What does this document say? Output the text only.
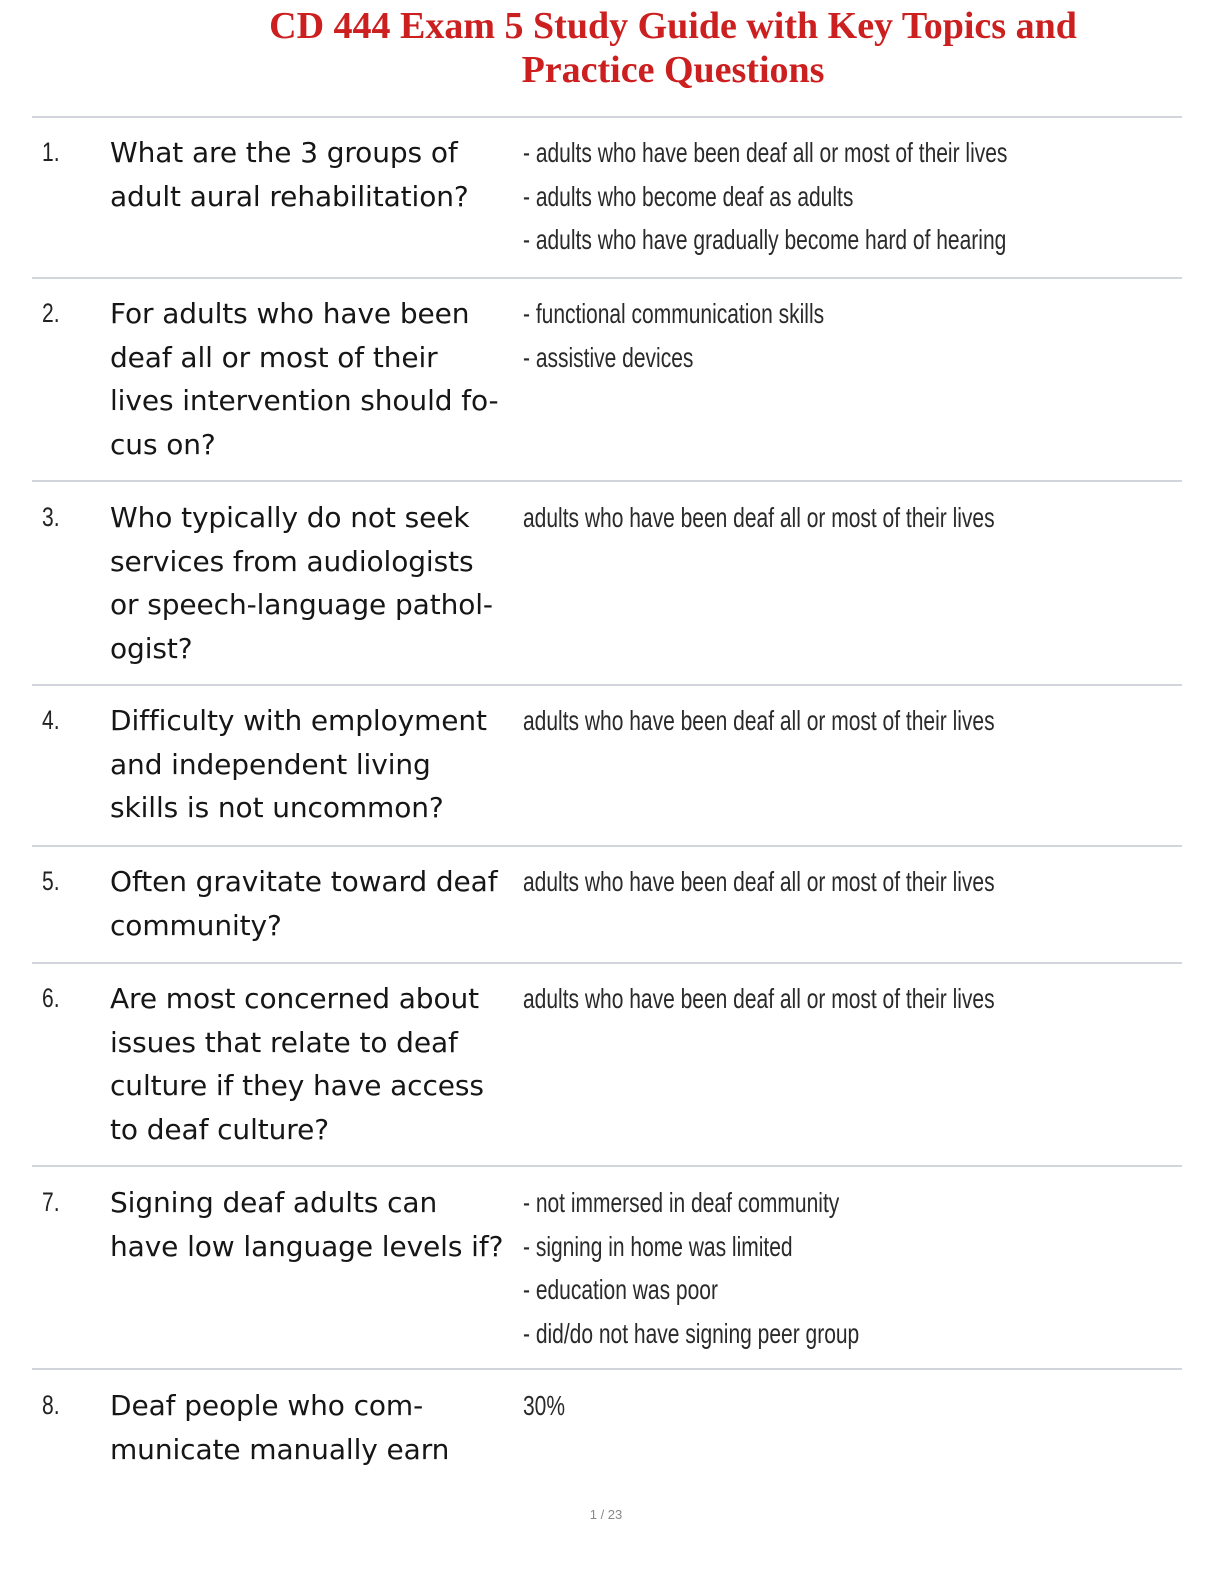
CD 444 Exam 5 Study Guide with Key Topics and
Practice Questions
1. What are the 3 groups of
adult aural rehabilitation?
- adults who have been deaf all or most of their lives
- adults who become deaf as adults
- adults who have gradually become hard of hearing
2. For adults who have been
deaf all or most of their
lives intervention should fo-
cus on?
- functional communication skills
- assistive devices
3. Who typically do not seek
services from audiologists
or speech-language pathol-
ogist?
adults who have been deaf all or most of their lives
4. Difficulty with employment
and independent living
skills is not uncommon?
adults who have been deaf all or most of their lives
5. Often gravitate toward deaf
community?
adults who have been deaf all or most of their lives
6. Are most concerned about
issues that relate to deaf
culture if they have access
to deaf culture?
adults who have been deaf all or most of their lives
7. Signing deaf adults can
have low language levels if?
- not immersed in deaf community
- signing in home was limited
- education was poor
- did/do not have signing peer group
8. Deaf people who com-
municate manually earn
30%
1 / 23
